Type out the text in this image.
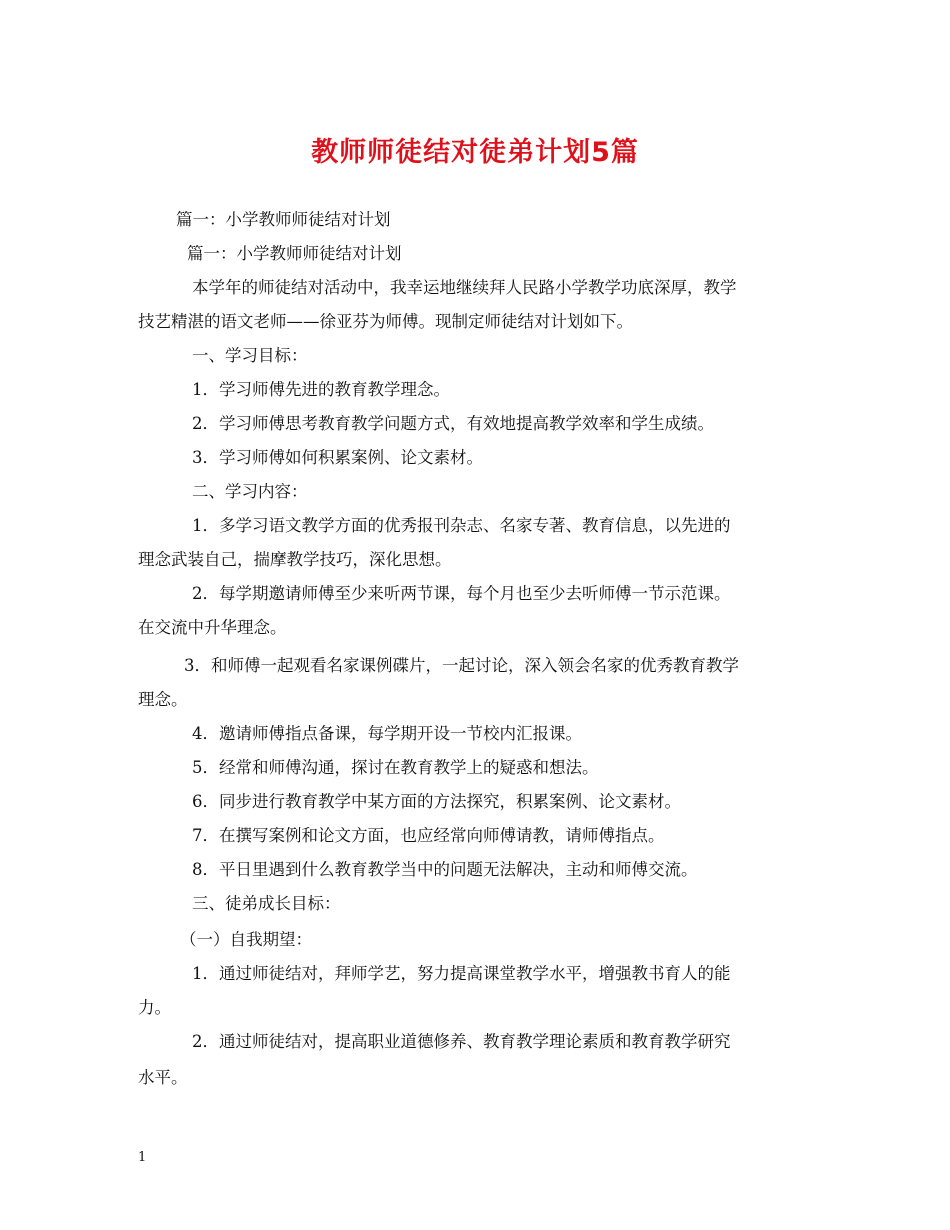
教师师徒结对徒弟计划5篇
篇一：小学教师师徒结对计划
篇一：小学教师师徒结对计划
本学年的师徒结对活动中，我幸运地继续拜人民路小学教学功底深厚，教学
技艺精湛的语文老师——徐亚芬为师傅。现制定师徒结对计划如下。
一、学习目标：
1．学习师傅先进的教育教学理念。
2．学习师傅思考教育教学问题方式，有效地提高教学效率和学生成绩。
3．学习师傅如何积累案例、论文素材。
二、学习内容：
1．多学习语文教学方面的优秀报刊杂志、名家专著、教育信息，以先进的
理念武装自己，揣摩教学技巧，深化思想。
2．每学期邀请师傅至少来听两节课，每个月也至少去听师傅一节示范课。
在交流中升华理念。
3．和师傅一起观看名家课例碟片，一起讨论，深入领会名家的优秀教育教学
理念。
4．邀请师傅指点备课，每学期开设一节校内汇报课。
5．经常和师傅沟通，探讨在教育教学上的疑惑和想法。
6．同步进行教育教学中某方面的方法探究，积累案例、论文素材。
7．在撰写案例和论文方面，也应经常向师傅请教，请师傅指点。
8．平日里遇到什么教育教学当中的问题无法解决，主动和师傅交流。
三、徒弟成长目标：
（一）自我期望：
1．通过师徒结对，拜师学艺，努力提高课堂教学水平，增强教书育人的能
力。
2．通过师徒结对，提高职业道德修养、教育教学理论素质和教育教学研究
水平。
1
